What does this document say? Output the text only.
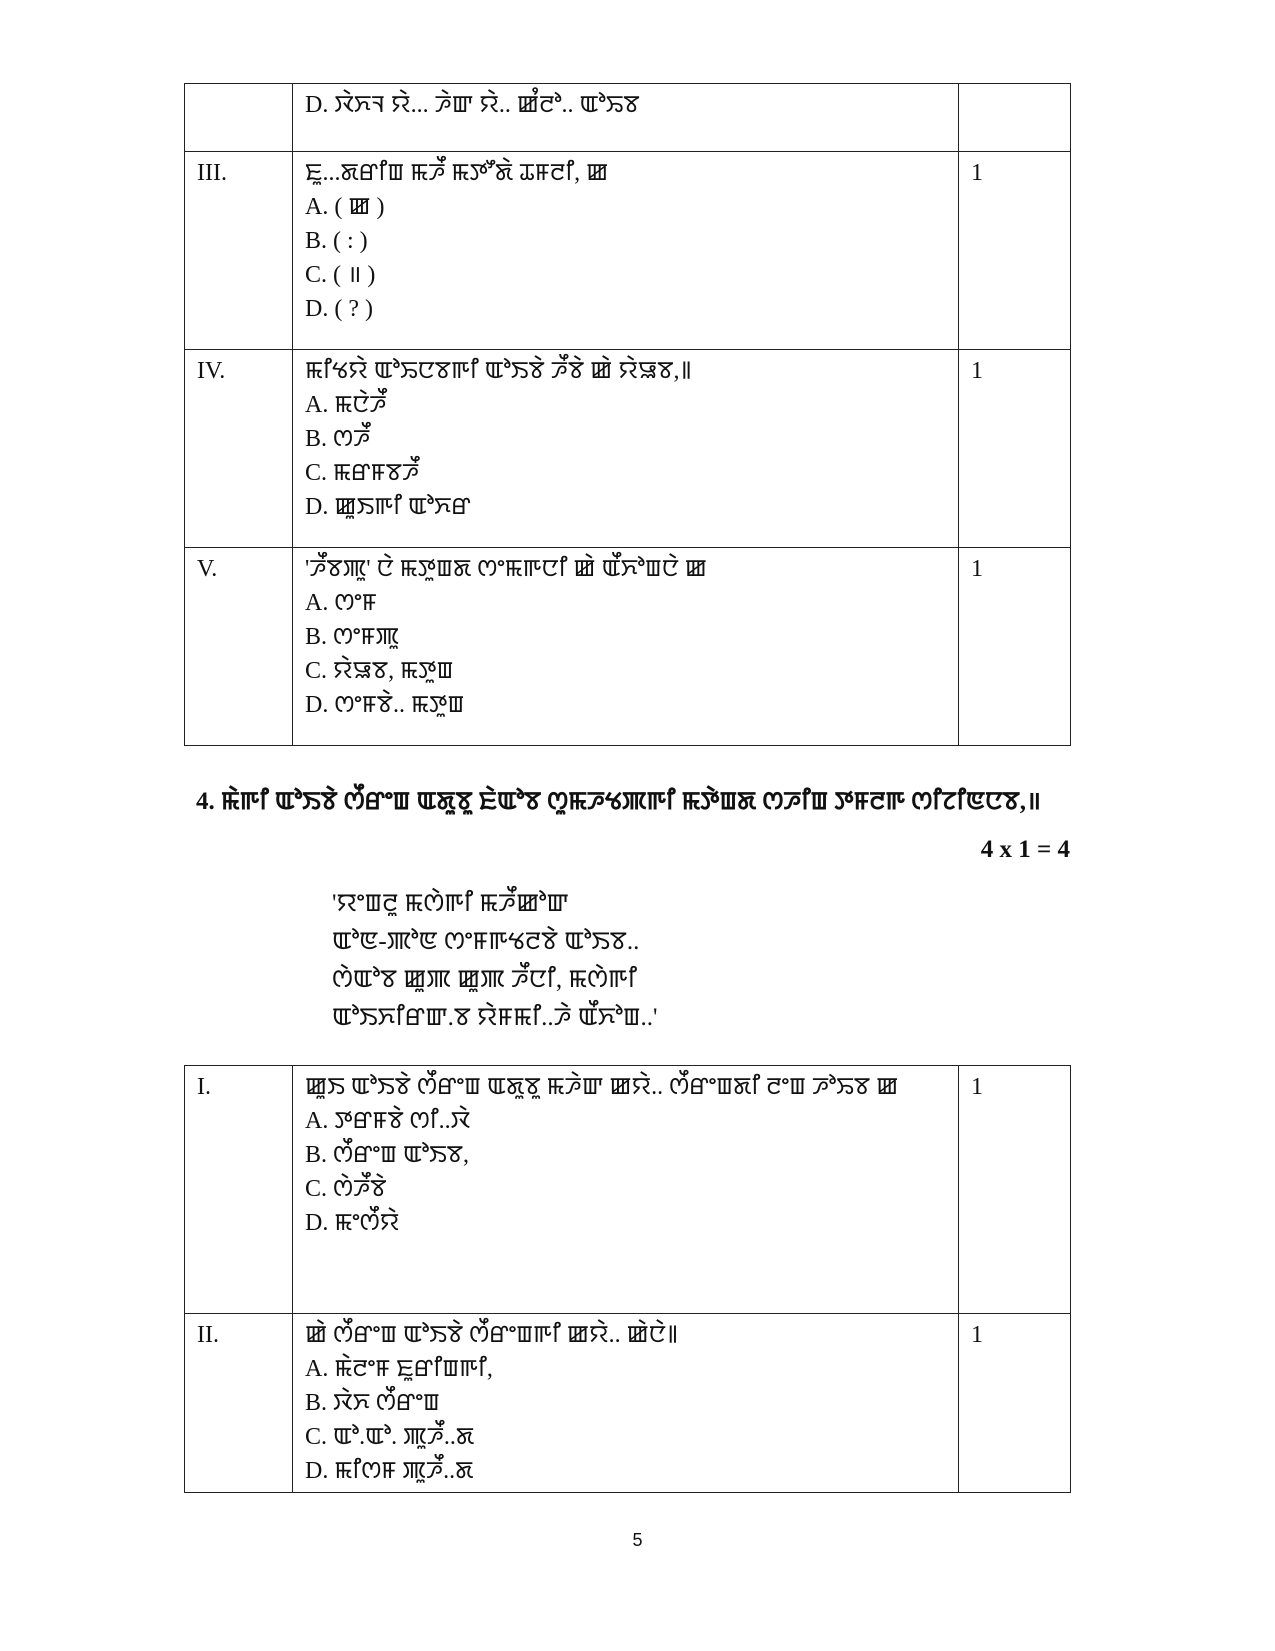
	D. ꯋꯥꯈꯜ ꯌꯥ... ꯍꯥꯛ ꯌꯥ.. ꯀꯪꯂꯣ.. ꯑꯣꯢꯕ	

III.	ꯐꯨ...ꯗꯔꯤꯡ ꯃꯍꯩ ꯃꯇꯧꯗꯥ ꯊꯝꯂꯤ, ꯀ
A. ( ꯀ )
B. ( : )
C. ( ॥ )
D. ( ? )	1
IV.	ꯃꯤꯠꯌꯥ ꯑꯣꯢꯅꯕꯒꯤ ꯑꯣꯏꯕꯥ ꯍꯩꯕꯥ ꯀꯥ ꯌꯥꯎꯕ,꯫
A. ꯃꯅꯥꯍꯩ
B. ꯁꯍꯩ
C. ꯃꯔꯝꯕꯍꯩ
D. ꯀꯨꯏꯒꯤ ꯑꯣꯈꯔ	1
V.	'ꯍꯩꯕꯄꯨ' ꯅꯥ ꯃꯇꯨꯡꯗ ꯁꯦꯃꯒꯅꯤ ꯀꯥ ꯑꯩꯈꯣꯡꯅꯥ ꯀ
A. ꯁꯦꯝ
B. ꯁꯦꯝꯄꯨ
C. ꯌꯥꯎꯕ, ꯃꯇꯨꯡ
D. ꯁꯦꯝꯕꯥ.. ꯃꯇꯨꯡ	1
4. ꯃꯥꯒꯤ ꯑꯣꯏꯕꯥ ꯁꯩꯔꯦꯡ ꯑꯗꯨꯕꯨ ꯐꯥꯑꯣꯕ ꯁꯨꯃꯍꯠꯄꯒꯤ ꯃꯇꯥꯡꯗ ꯁꯍꯤꯡ ꯇꯝꯂꯒ ꯁꯤꯖꯤꯟꯅꯕ,॥
4 x 1 = 4
'ꯌꯦꯡꯂꯨ ꯃꯁꯥꯒꯤ ꯃꯍꯩꯀꯣꯛ
ꯑꯣꯟ-ꯄꯣꯟ ꯁꯦꯝꯒꯠꯂꯕꯥ ꯑꯣꯏꯕ..
ꯁꯥꯑꯣꯕ ꯀꯨꯄ ꯀꯨꯄ ꯍꯩꯅꯤ, ꯃꯁꯥꯒꯤ
ꯑꯣꯏꯈꯤꯔꯛ.ꯕ ꯌꯥꯝꯃꯤ..ꯍꯥ ꯑꯩꯈꯣꯡ..'
I.	ꯀꯨꯏ ꯑꯣꯏꯕꯥ ꯁꯩꯔꯦꯡ ꯑꯗꯨꯕꯨ ꯃꯍꯥꯛ ꯀꯌꯥ.. ꯁꯩꯔꯦꯡꯗꯤ ꯂꯦꯡ ꯍꯣꯢꯕ ꯀ
A. ꯇꯔꯝꯕꯥ ꯁꯤ..ꯋꯥ
B. ꯁꯩꯔꯦꯡ ꯑꯣꯏꯕ,
C. ꯁꯥꯍꯩꯕꯥ
D. ꯃꯦꯁꯩꯌꯥ	1
II.	ꯀꯥ ꯁꯩꯔꯦꯡ ꯑꯣꯏꯕꯥ ꯁꯩꯔꯦꯡꯒꯤ ꯀꯌꯥ.. ꯀꯥꯅꯥ꯫
A. ꯃꯥꯂꯦꯝ ꯐꯨꯔꯤꯡꯒꯤ,
B. ꯋꯥꯈ ꯁꯩꯔꯦꯡ
C. ꯑꯣ.ꯑꯣ. ꯄꯨꯍꯩ..ꯗ
D. ꯃꯤꯁꯝ ꯄꯨꯍꯩ..ꯗ	1
5
